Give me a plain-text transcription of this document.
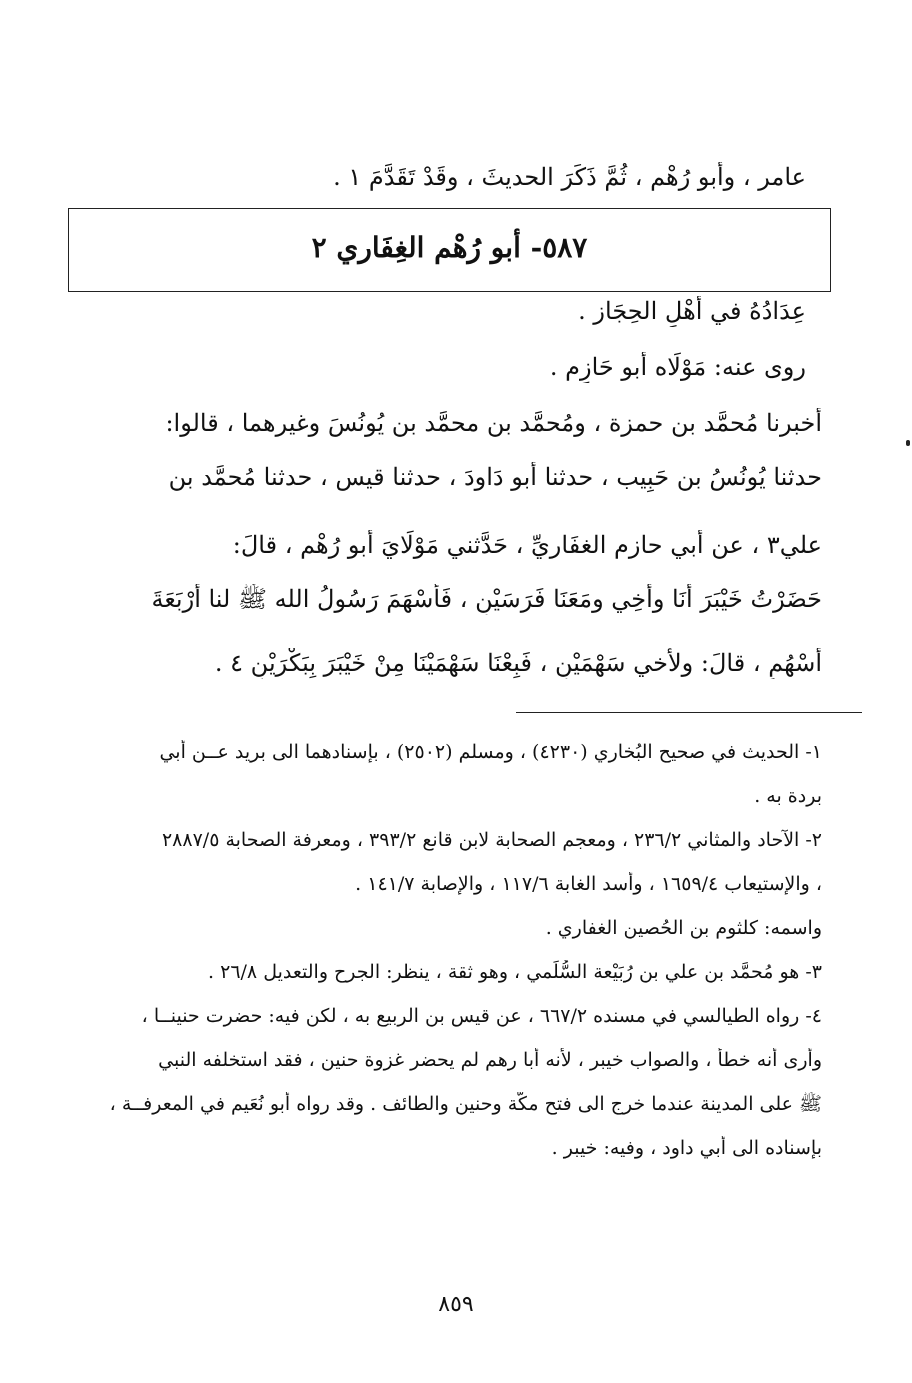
عامر ، وأبو رُهْم ، ثُمَّ ذَكَرَ الحديثَ ، وقَدْ تَقَدَّمَ ١ .
٥٨٧- أبو رُهْم الغِفَاري ٢
عِدَادُهُ في أَهْلِ الحِجَاز .
روى عنه: مَوْلَاه أبو حَازِم .
أخبرنا مُحمَّد بن حمزة ، ومُحمَّد بن محمَّد بن يُونُسَ وغيرهما ، قالوا:
حدثنا يُونُسُ بن حَبِيب ، حدثنا أبو دَاودَ ، حدثنا قيس ، حدثنا مُحمَّد بن
علي٣ ، عن أبي حازم الغفَاريِّ ، حَدَّثني مَوْلَايَ أبو رُهْم ، قالَ:
حَضَرْتُ خَيْبَرَ أَنَا وأَخِي ومَعَنَا فَرَسَيْنِ ، فَأَسْهَمَ رَسُولُ الله ﷺ لنا أَرْبَعَةَ
أَسْهُمٍ ، قالَ: ولأخي سَهْمَيْنِ ، فَبِعْنَا سَهْمَيْنَا مِنْ خَيْبَرَ بِبَكْرَيْنِ ٤ .
١- الحديث في صحيح البُخاري (٤٢٣٠) ، ومسلم (٢٥٠٢) ، بإسنادهما الى بريد عــن أبي
بردة به .
٢- الآحاد والمثاني ٢٣٦/٢ ، ومعجم الصحابة لابن قانع ٣٩٣/٢ ، ومعرفة الصحابة ٢٨٨٧/٥
، والإستيعاب ١٦٥٩/٤ ، وأسد الغابة ١١٧/٦ ، والإصابة ١٤١/٧ .
واسمه: كلثوم بن الحُصين الغفاري .
٣- هو مُحمَّد بن علي بن رُبَيْعة السُّلَمي ، وهو ثقة ، ينظر: الجرح والتعديل ٢٦/٨ .
٤- رواه الطيالسي في مسنده ٦٦٧/٢ ، عن قيس بن الربيع به ، لكن فيه: حضرت حنينــا ،
وأرى أنه خطأ ، والصواب خيبر ، لأنه أبا رهم لم يحضر غزوة حنين ، فقد استخلفه النبي
ﷺ على المدينة عندما خرج الى فتح مكّة وحنين والطائف . وقد رواه أبو نُعَيم في المعرفــة ،
بإسناده الى أبي داود ، وفيه: خيبر .
٨٥٩
